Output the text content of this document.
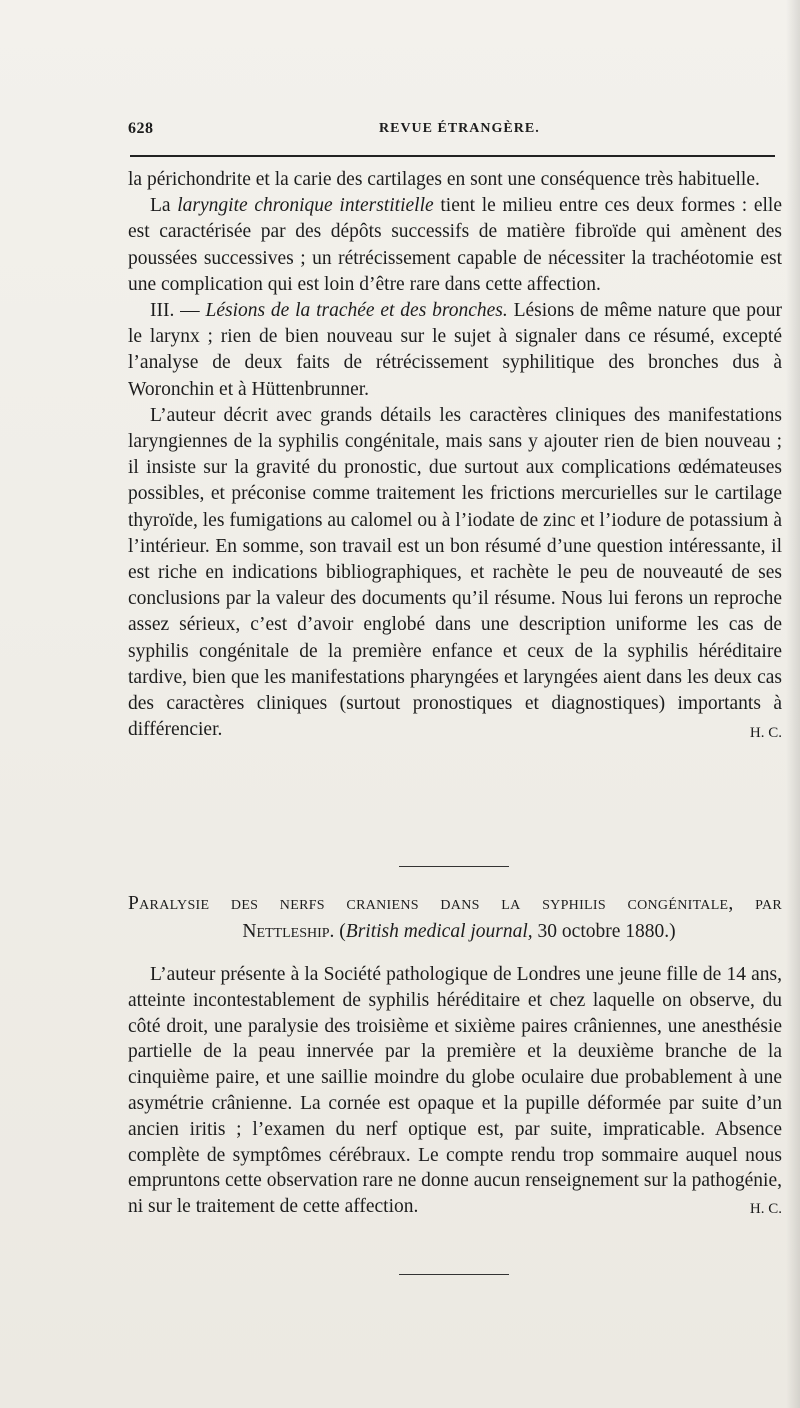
628	REVUE ÉTRANGÈRE.

la périchondrite et la carie des cartilages en sont une conséquence très habituelle.

La laryngite chronique interstitielle tient le milieu entre ces deux formes : elle est caractérisée par des dépôts successifs de matière fibroïde qui amènent des poussées successives ; un rétrécissement capable de nécessiter la trachéotomie est une complication qui est loin d’être rare dans cette affection.

III. — Lésions de la trachée et des bronches. Lésions de même nature que pour le larynx ; rien de bien nouveau sur le sujet à signaler dans ce résumé, excepté l’analyse de deux faits de rétrécissement syphilitique des bronches dus à Woronchin et à Hüttenbrunner.

L’auteur décrit avec grands détails les caractères cliniques des manifestations laryngiennes de la syphilis congénitale, mais sans y ajouter rien de bien nouveau ; il insiste sur la gravité du pronostic, due surtout aux complications œdémateuses possibles, et préconise comme traitement les frictions mercurielles sur le cartilage thyroïde, les fumigations au calomel ou à l’iodate de zinc et l’iodure de potassium à l’intérieur. En somme, son travail est un bon résumé d’une question intéressante, il est riche en indications bibliographiques, et rachète le peu de nouveauté de ses conclusions par la valeur des documents qu’il résume. Nous lui ferons un reproche assez sérieux, c’est d’avoir englobé dans une description uniforme les cas de syphilis congénitale de la première enfance et ceux de la syphilis héréditaire tardive, bien que les manifestations pharyngées et laryngées aient dans les deux cas des caractères cliniques (surtout pronostiques et diagnostiques) importants à différencier.	H. C.

Paralysie des nerfs craniens dans la syphilis congénitale, par
Nettleship. (British medical journal, 30 octobre 1880.)

L’auteur présente à la Société pathologique de Londres une jeune fille de 14 ans, atteinte incontestablement de syphilis héréditaire et chez laquelle on observe, du côté droit, une paralysie des troisième et sixième paires crâniennes, une anesthésie partielle de la peau innervée par la première et la deuxième branche de la cinquième paire, et une saillie moindre du globe oculaire due probablement à une asymétrie crânienne. La cornée est opaque et la pupille déformée par suite d’un ancien iritis ; l’examen du nerf optique est, par suite, impraticable. Absence complète de symptômes cérébraux. Le compte rendu trop sommaire auquel nous empruntons cette observation rare ne donne aucun renseignement sur la pathogénie, ni sur le traitement de cette affection.	H. C.
